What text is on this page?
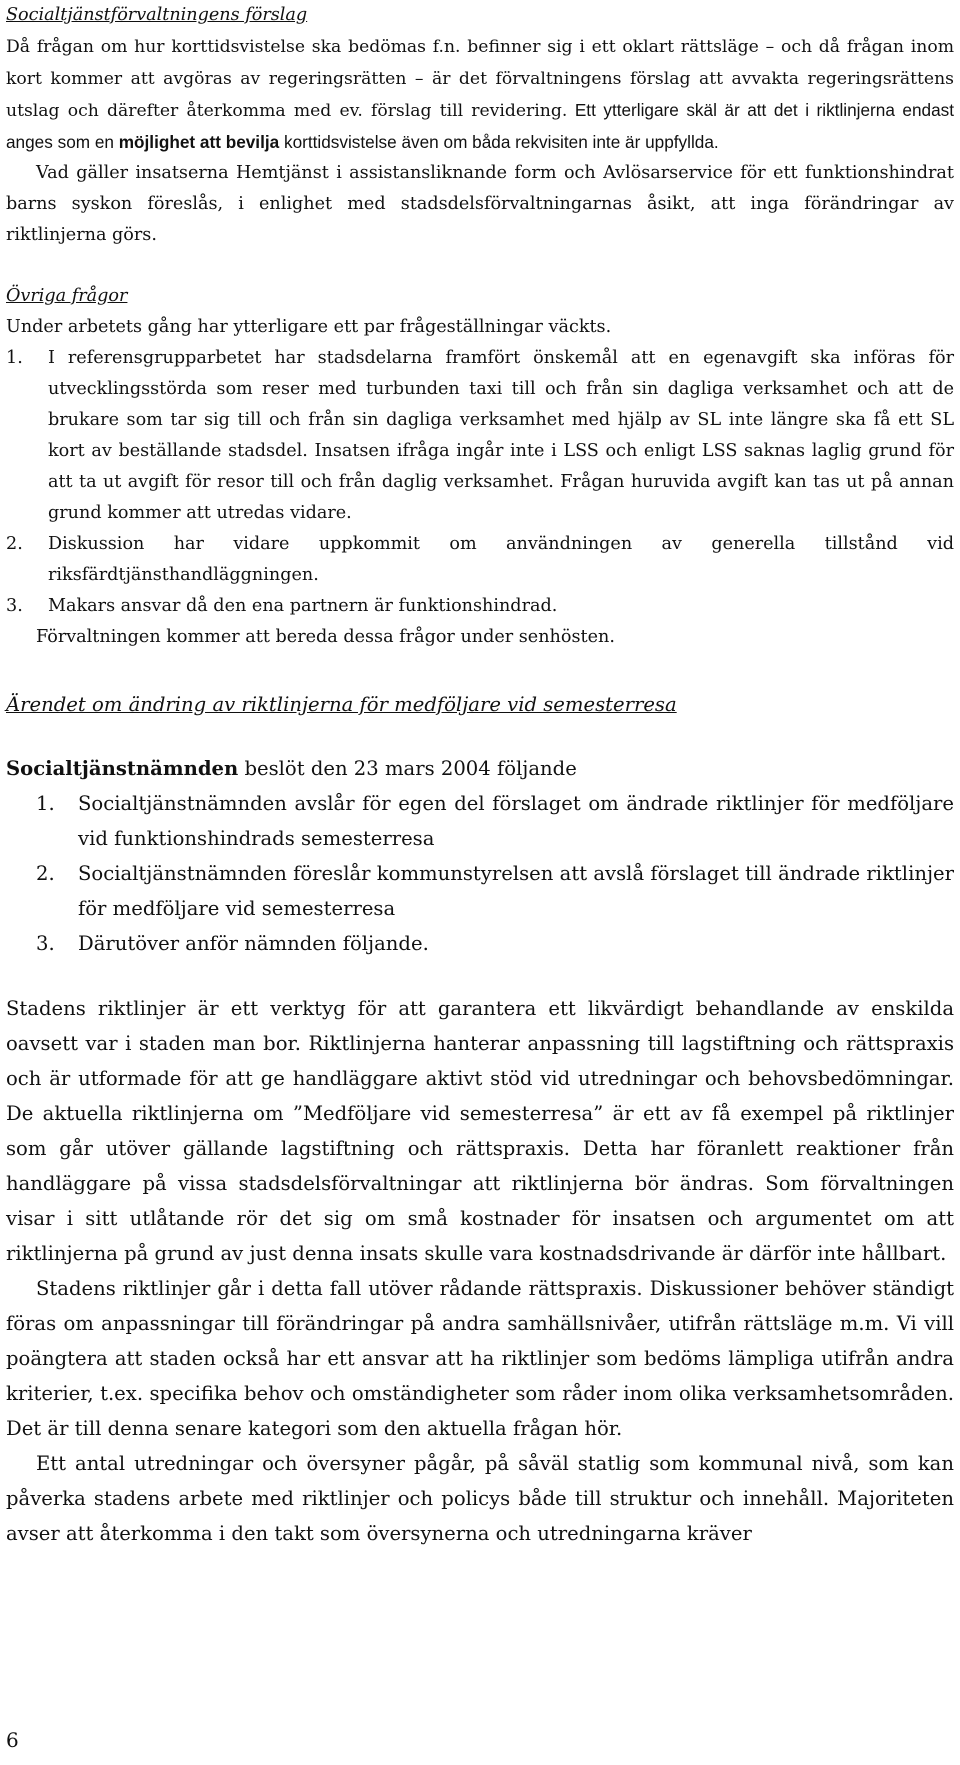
Socialtjänstförvaltningens förslag

Då frågan om hur korttidsvistelse ska bedömas f.n. befinner sig i ett oklart rättsläge – och då frågan inom kort kommer att avgöras av regeringsrätten – är det förvaltningens förslag att avvakta regeringsrättens utslag och därefter återkomma med ev. förslag till revidering. Ett ytterligare skäl är att det i riktlinjerna endast anges som en möjlighet att bevilja korttidsvistelse även om båda rekvisiten inte är uppfyllda.

Vad gäller insatserna Hemtjänst i assistansliknande form och Avlösarservice för ett funktionshindrat barns syskon föreslås, i enlighet med stadsdelsförvaltningarnas åsikt, att inga förändringar av riktlinjerna görs.

Övriga frågor

Under arbetets gång har ytterligare ett par frågeställningar väckts.

1. I referensgrupparbetet har stadsdelarna framfört önskemål att en egenavgift ska införas för utvecklingsstörda som reser med turbunden taxi till och från sin dagliga verksamhet och att de brukare som tar sig till och från sin dagliga verksamhet med hjälp av SL inte längre ska få ett SL kort av beställande stadsdel. Insatsen ifråga ingår inte i LSS och enligt LSS saknas laglig grund för att ta ut avgift för resor till och från daglig verksamhet. Frågan huruvida avgift kan tas ut på annan grund kommer att utredas vidare.
2. Diskussion har vidare uppkommit om användningen av generella tillstånd vid riksfärdtjänsthandläggningen.
3. Makars ansvar då den ena partnern är funktionshindrad.

Förvaltningen kommer att bereda dessa frågor under senhösten.

Ärendet om ändring av riktlinjerna för medföljare vid semesterresa

Socialtjänstnämnden beslöt den 23 mars 2004 följande

1. Socialtjänstnämnden avslår för egen del förslaget om ändrade riktlinjer för medföljare vid funktionshindrads semesterresa
2. Socialtjänstnämnden föreslår kommunstyrelsen att avslå förslaget till ändrade riktlinjer för medföljare vid semesterresa
3. Därutöver anför nämnden följande.

Stadens riktlinjer är ett verktyg för att garantera ett likvärdigt behandlande av enskilda oavsett var i staden man bor. Riktlinjerna hanterar anpassning till lagstiftning och rättspraxis och är utformade för att ge handläggare aktivt stöd vid utredningar och behovsbedömningar. De aktuella riktlinjerna om ”Medföljare vid semesterresa” är ett av få exempel på riktlinjer som går utöver gällande lagstiftning och rättspraxis. Detta har föranlett reaktioner från handläggare på vissa stadsdelsförvaltningar att riktlinjerna bör ändras. Som förvaltningen visar i sitt utlåtande rör det sig om små kostnader för insatsen och argumentet om att riktlinjerna på grund av just denna insats skulle vara kostnadsdrivande är därför inte hållbart.

Stadens riktlinjer går i detta fall utöver rådande rättspraxis. Diskussioner behöver ständigt föras om anpassningar till förändringar på andra samhällsnivåer, utifrån rättsläge m.m. Vi vill poängtera att staden också har ett ansvar att ha riktlinjer som bedöms lämpliga utifrån andra kriterier, t.ex. specifika behov och omständigheter som råder inom olika verksamhetsområden. Det är till denna senare kategori som den aktuella frågan hör.

Ett antal utredningar och översyner pågår, på såväl statlig som kommunal nivå, som kan påverka stadens arbete med riktlinjer och policys både till struktur och innehåll. Majoriteten avser att återkomma i den takt som översynerna och utredningarna kräver

6
